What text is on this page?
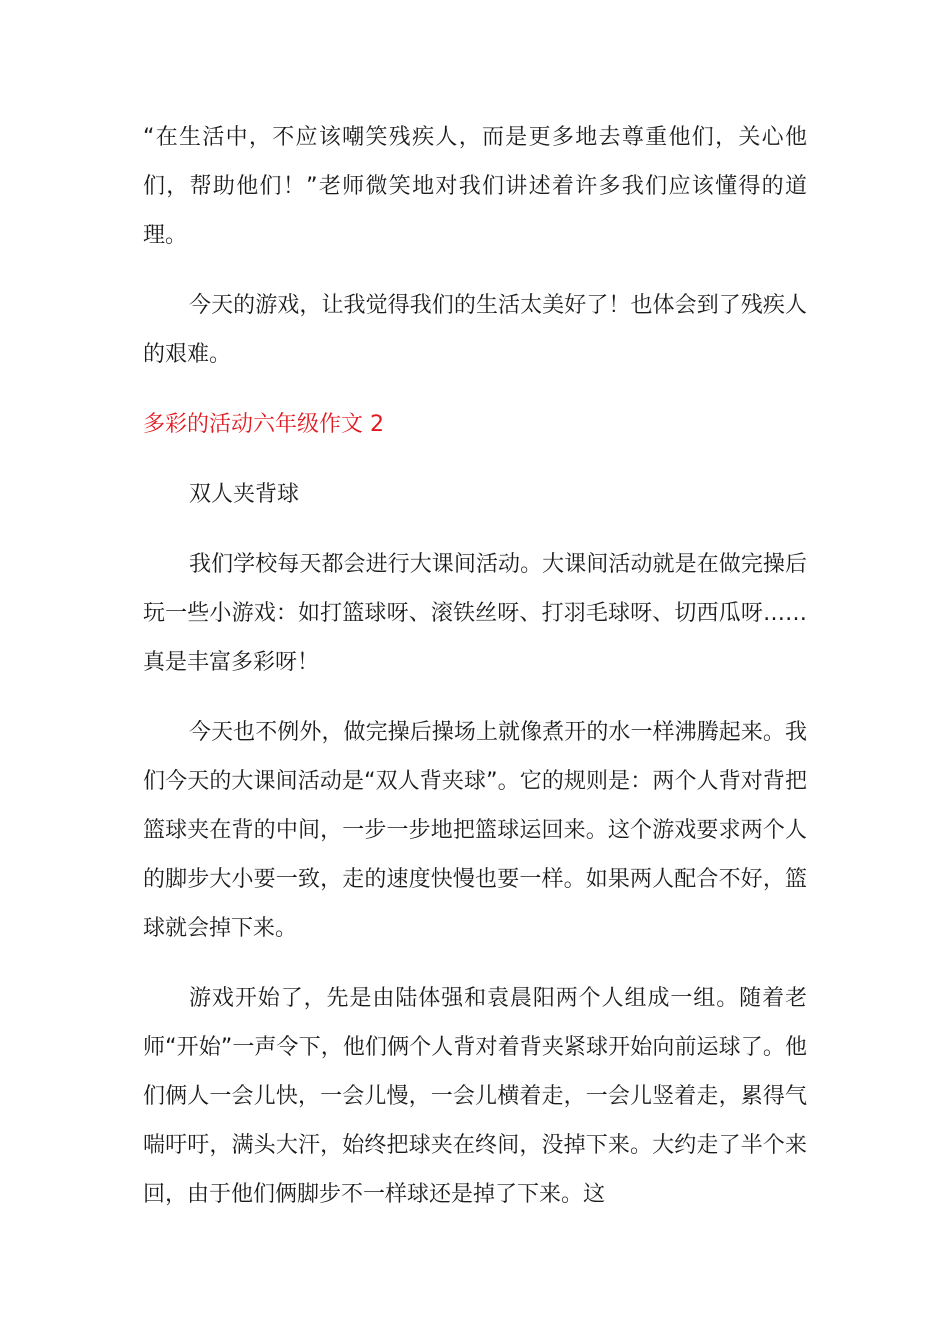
“在生活中，不应该嘲笑残疾人，而是更多地去尊重他们，关心他们，帮助他们！”老师微笑地对我们讲述着许多我们应该懂得的道理。

今天的游戏，让我觉得我们的生活太美好了！也体会到了残疾人的艰难。

多彩的活动六年级作文 2

双人夹背球

我们学校每天都会进行大课间活动。大课间活动就是在做完操后玩一些小游戏：如打篮球呀、滚铁丝呀、打羽毛球呀、切西瓜呀……真是丰富多彩呀！

今天也不例外，做完操后操场上就像煮开的水一样沸腾起来。我们今天的大课间活动是“双人背夹球”。它的规则是：两个人背对背把篮球夹在背的中间，一步一步地把篮球运回来。这个游戏要求两个人的脚步大小要一致，走的速度快慢也要一样。如果两人配合不好，篮球就会掉下来。

游戏开始了，先是由陆体强和袁晨阳两个人组成一组。随着老师“开始”一声令下，他们俩个人背对着背夹紧球开始向前运球了。他们俩人一会儿快，一会儿慢，一会儿横着走，一会儿竖着走，累得气喘吁吁，满头大汗，始终把球夹在终间，没掉下来。大约走了半个来回，由于他们俩脚步不一样球还是掉了下来。这
